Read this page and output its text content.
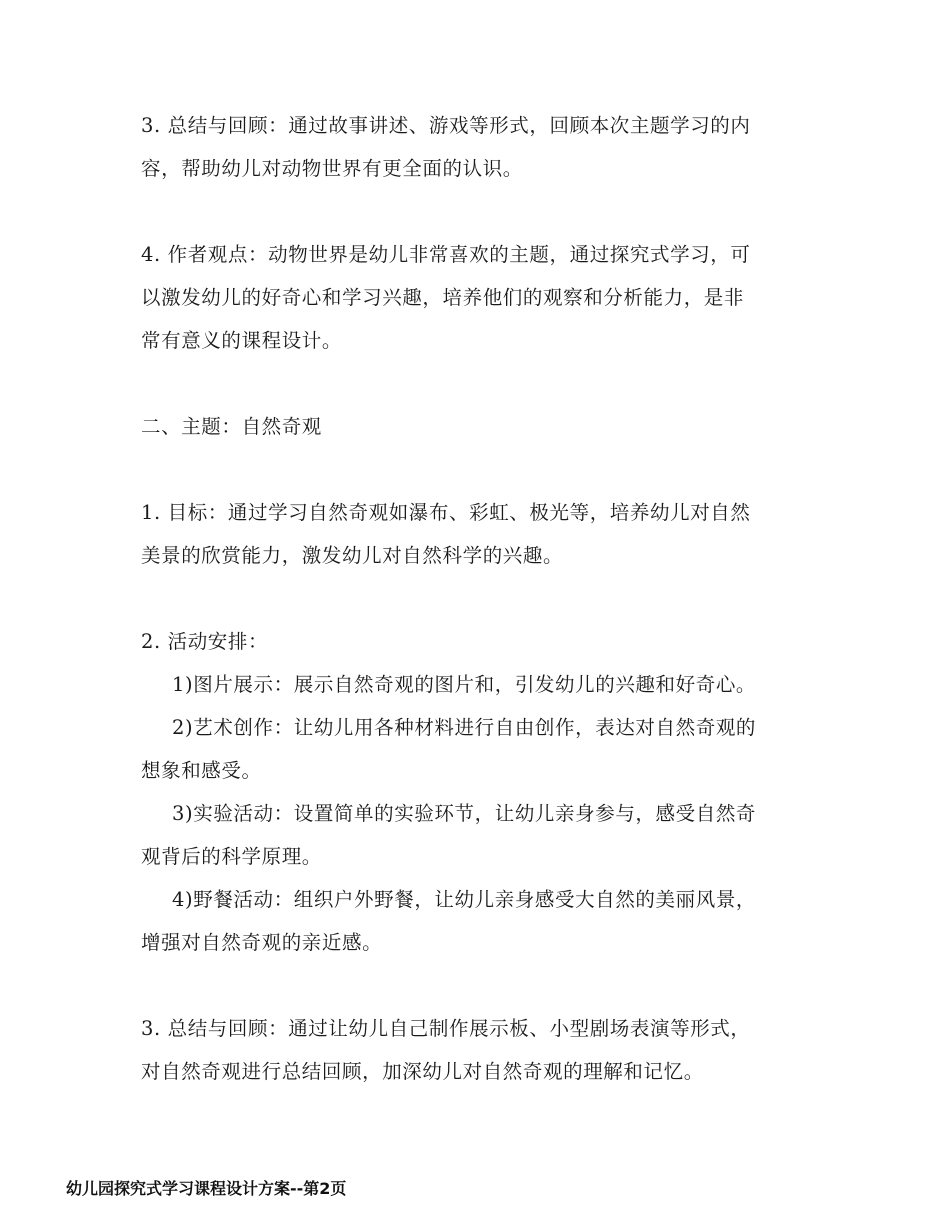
3. 总结与回顾：通过故事讲述、游戏等形式，回顾本次主题学习的内
容，帮助幼儿对动物世界有更全面的认识。
4. 作者观点：动物世界是幼儿非常喜欢的主题，通过探究式学习，可
以激发幼儿的好奇心和学习兴趣，培养他们的观察和分析能力，是非
常有意义的课程设计。
二、主题：自然奇观
1. 目标：通过学习自然奇观如瀑布、彩虹、极光等，培养幼儿对自然
美景的欣赏能力，激发幼儿对自然科学的兴趣。
2. 活动安排：
1)图片展示：展示自然奇观的图片和，引发幼儿的兴趣和好奇心。
2)艺术创作：让幼儿用各种材料进行自由创作，表达对自然奇观的
想象和感受。
3)实验活动：设置简单的实验环节，让幼儿亲身参与，感受自然奇
观背后的科学原理。
4)野餐活动：组织户外野餐，让幼儿亲身感受大自然的美丽风景，
增强对自然奇观的亲近感。
3. 总结与回顾：通过让幼儿自己制作展示板、小型剧场表演等形式，
对自然奇观进行总结回顾，加深幼儿对自然奇观的理解和记忆。
幼儿园探究式学习课程设计方案--第2页
